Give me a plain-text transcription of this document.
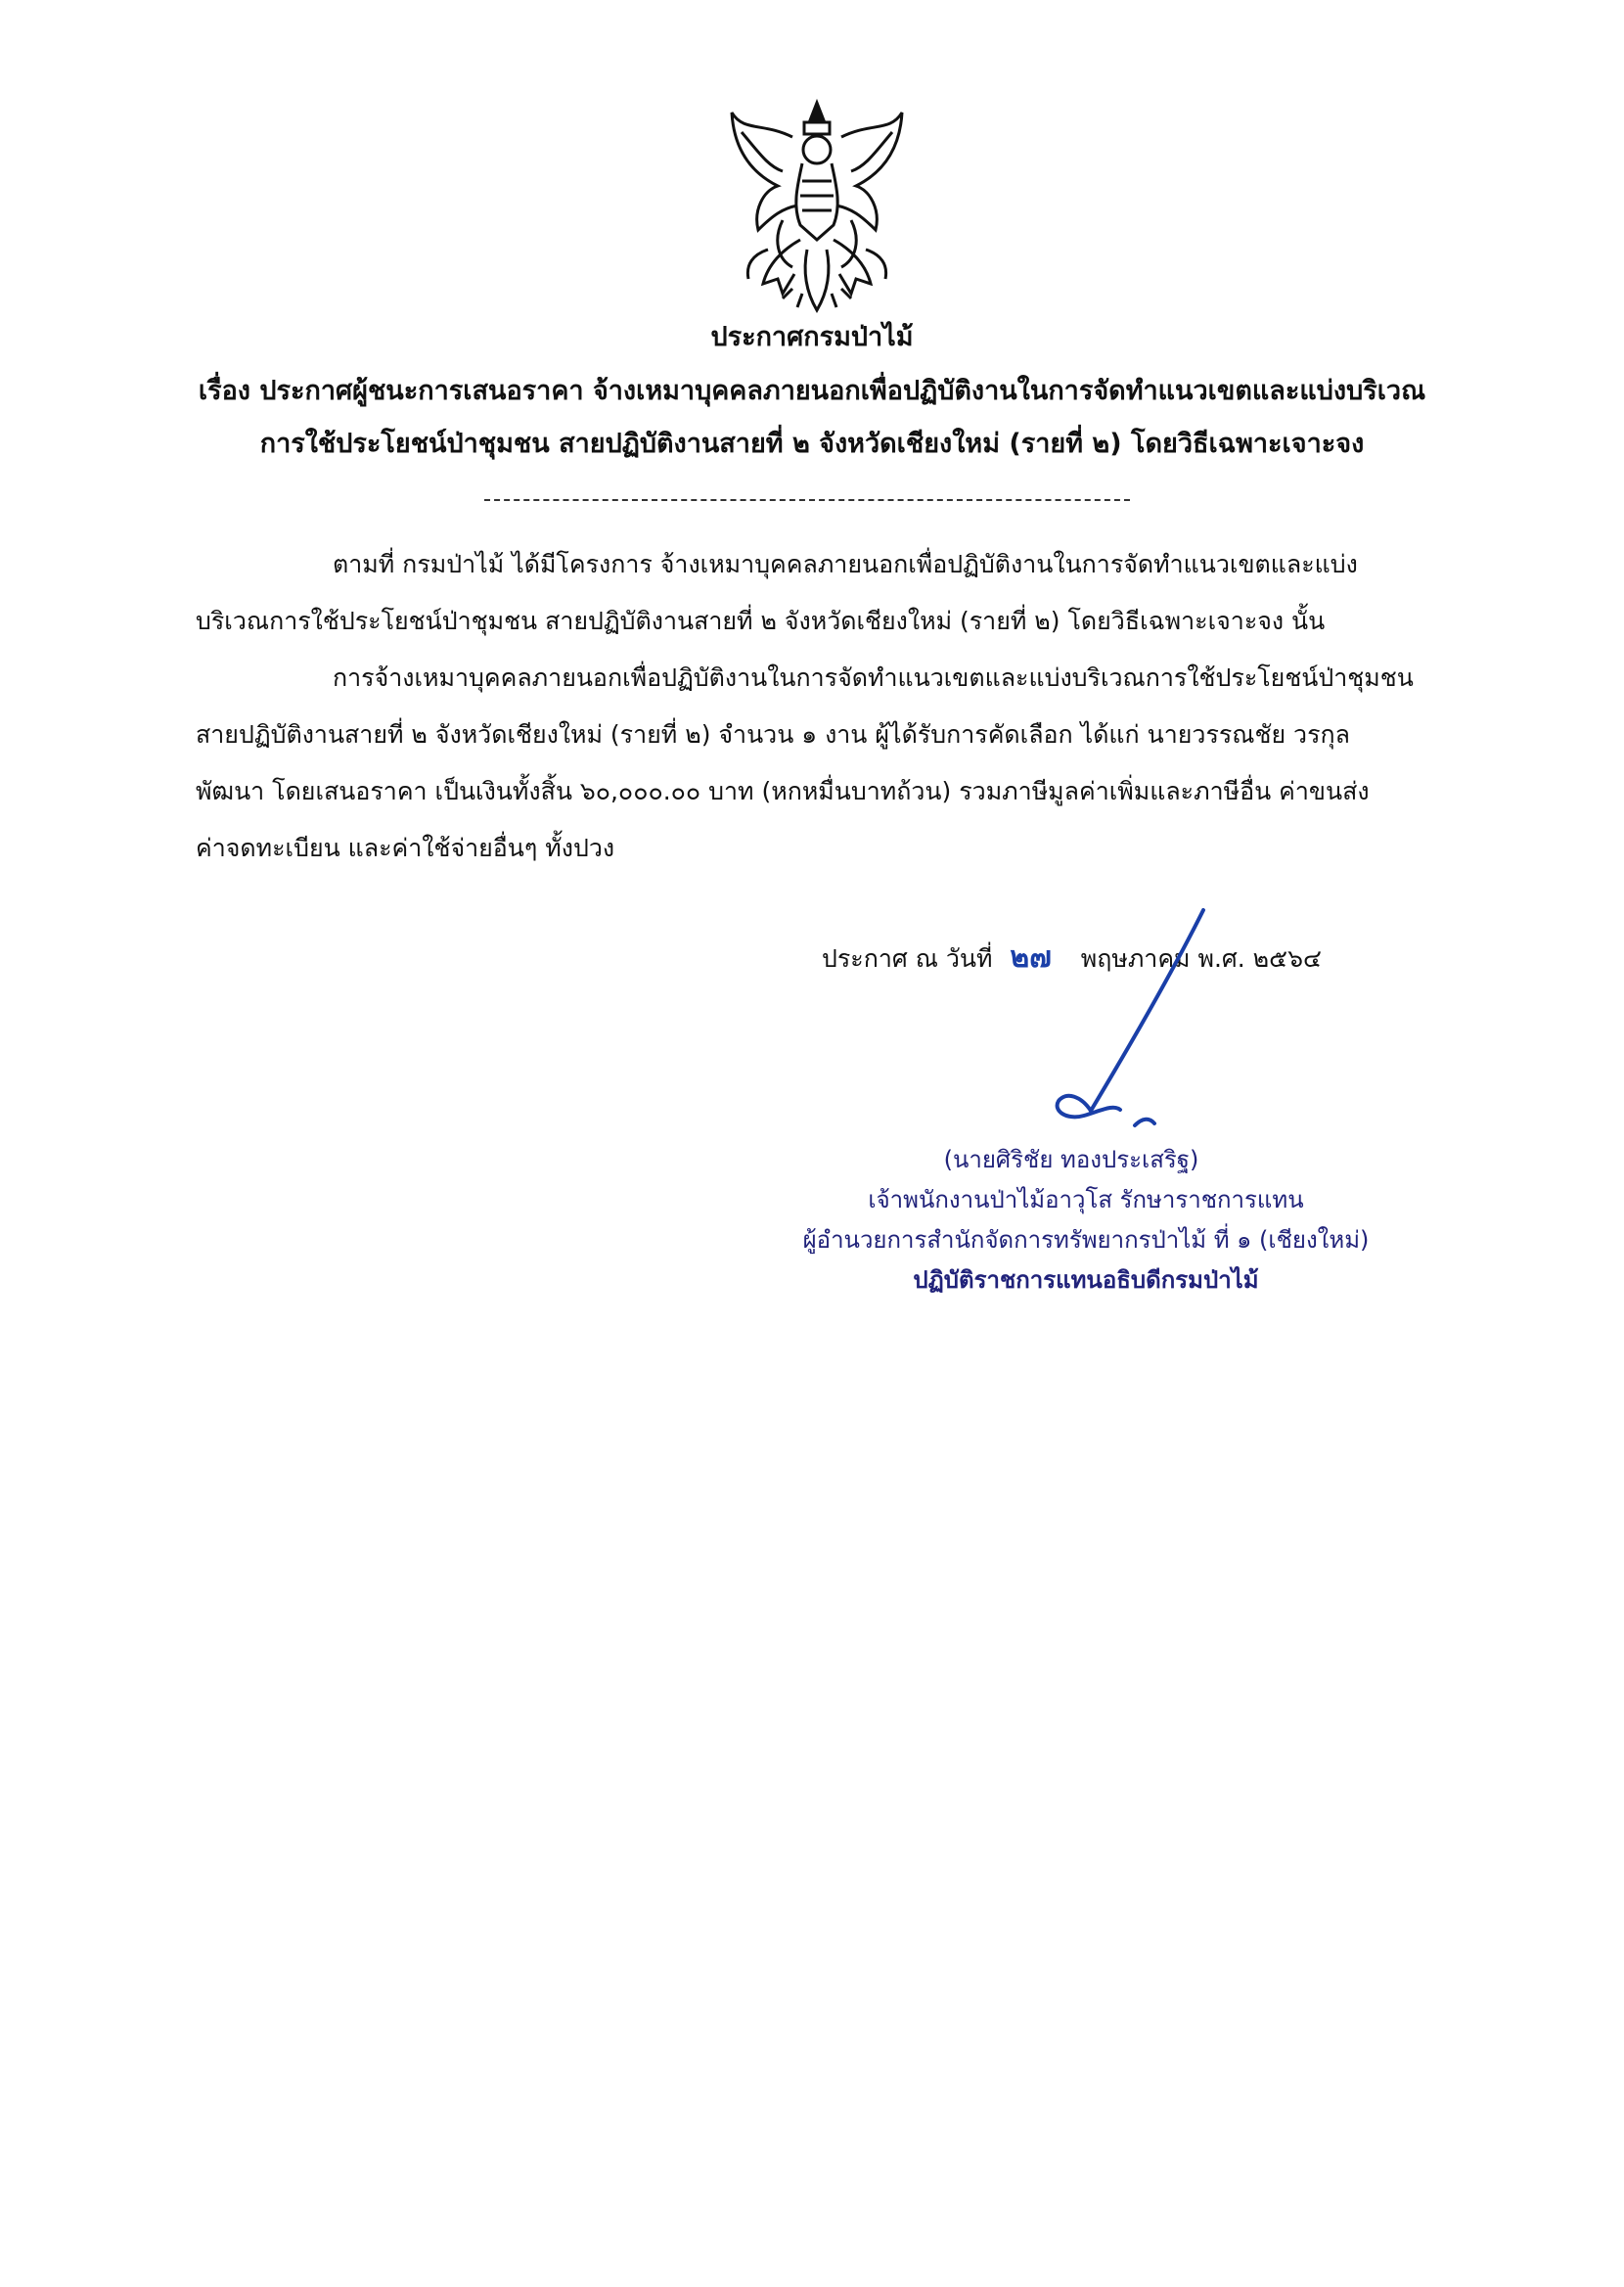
ประกาศกรมป่าไม้
เรื่อง ประกาศผู้ชนะการเสนอราคา จ้างเหมาบุคคลภายนอกเพื่อปฏิบัติงานในการจัดทำแนวเขตและแบ่งบริเวณ
การใช้ประโยชน์ป่าชุมชน สายปฏิบัติงานสายที่ ๒ จังหวัดเชียงใหม่ (รายที่ ๒) โดยวิธีเฉพาะเจาะจง
ตามที่ กรมป่าไม้ ได้มีโครงการ จ้างเหมาบุคคลภายนอกเพื่อปฏิบัติงานในการจัดทำแนวเขตและแบ่ง
บริเวณการใช้ประโยชน์ป่าชุมชน สายปฏิบัติงานสายที่ ๒ จังหวัดเชียงใหม่ (รายที่ ๒) โดยวิธีเฉพาะเจาะจง นั้น
การจ้างเหมาบุคคลภายนอกเพื่อปฏิบัติงานในการจัดทำแนวเขตและแบ่งบริเวณการใช้ประโยชน์ป่าชุมชน
สายปฏิบัติงานสายที่ ๒ จังหวัดเชียงใหม่ (รายที่ ๒) จำนวน ๑ งาน ผู้ได้รับการคัดเลือก ได้แก่ นายวรรณชัย วรกุล
พัฒนา โดยเสนอราคา เป็นเงินทั้งสิ้น ๖๐,๐๐๐.๐๐ บาท (หกหมื่นบาทถ้วน) รวมภาษีมูลค่าเพิ่มและภาษีอื่น ค่าขนส่ง
ค่าจดทะเบียน และค่าใช้จ่ายอื่นๆ ทั้งปวง
ประกาศ ณ วันที่ ๒๗ พฤษภาคม พ.ศ. ๒๕๖๔
(นายศิริชัย ทองประเสริฐ)
เจ้าพนักงานป่าไม้อาวุโส รักษาราชการแทน
ผู้อำนวยการสำนักจัดการทรัพยากรป่าไม้ ที่ ๑ (เชียงใหม่)
ปฏิบัติราชการแทนอธิบดีกรมป่าไม้
